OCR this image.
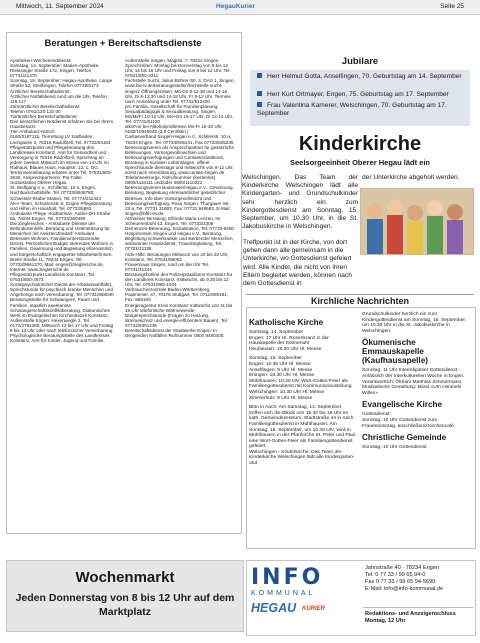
Mittwoch, 11. September 2024	HegauKurier	Seite 25
Beratungen + Bereitschaftsdienste
Apotheken-Wochenenddienst:
Samstag, 14. September: Marien-Apotheke, Rielasinger Straße 172, Singen, Telefon 07731/21370
Sonntag, 15. September: Hegau-Apotheke, Lange Straße 52, Steißlingen, Telefon 07738/5173
Ärztlicher Bereitschaftsdienst:
Ärztlicher Notfalldienst rund um die Uhr, Telefon 116 117
Zahnärztlicher Bereitschaftsdienst:
Telefon 0761/120 120 00
Tierärztlicher Bereitschaftsdienst:
Den tierärztlichen Notdienst erfahren Sie bei Ihrem Haustierarzt.
Tier-Ambulanz-Notruf:
0160/3187115, Tierrettung LV Südbaden, Lochgasse 3, 78315 Radolfzell, Tel. 07732/94164
Pflegestützpunkt und Pflegeberatung des Landkreises Konstanz, Amt für Gesundheit und Versorgung in 78315 Radolfzell, Sprechtag an jedem zweiten Mittwoch im Monat von 14 Uhr im Rathaus, Blaues Haus, Hauptstr. 13, 1. OG. Terminvereinbarung erbeten unter Tel. 07531/800-2626, Ansprechpartnerin: Pia Faller
Sozialstation Oberer Hegau
St. Wolfgang e.V., Schillerstr. 10 a, Engen, Nachbarschaftshilfe, Tel. 07733/9948780; Schwester-Ilsabe-Station, Tel. 07774/211424
AKA-Team, Schulzenstr. 6, Engen Pflegeberatung und Hilfen im Haushalt, Tel. 07733/6893
Ambulante Pflege «Katharina», Außer-Ort-Straße 8a, 78234 Engen, Tel. 07733/360490
Die Zieglerschen - Ambulante Dienste der Behindertenhilfe, Beratung und Unterstützung für Menschen mit Assistenzbedarf: Ambulant Betreutes Wohnen, Familienunterstützender Dienst, Persönliches Budget, Betreutes Wohnen in Familien, Gewinnung und Begleitung ehrenamtlich und bürgerschaftlich engagierter Mitarbeiter/innen. Breite Straße 11, 78234 Engen, Tel. 07733/9961370, Mail: engen@zieglersche.de, Internet: www.zieglersche.de
Pflegestützpunkt Landkreis Konstanz, Tel. 07531/800-2673
Sozialpsychiatrischer Dienst der Arbeiterwohlfahrt, Sprechstunde für psychisch kranke Menschen und Angehörige nach Vereinbarung, Tel. 07731/958040
Beratungsstelle für Schwangere, Paare und Familien, staatlich anerkannte Schwangerschaftskonfliktberatung, Diakonisches Werk im Evangelischen Kirchenbezirk Konstanz, Außenstelle Engen: Hexenwegle 2, Tel. 0172/2781385, Mittwoch 13 bis 17 Uhr und Freitag 8 bis 13 Uhr oder nach telefonischer Vereinbarung
Psychologische Beratungsstelle des Landkreises Konstanz, Amt für Kinder, Jugend und Familie,
Außenstelle Singen, Magistr. 7, 78224 Singen, Sprechzeiten: Montag bis Donnerstag von 8 bis 12 Uhr, 14 bis 16 Uhr und Freitag von 8 bis 12 Uhr, Tel. 07531/800-3311
Fachstelle Sucht, Julius-Bührer-Str. 4, DAS 1, Singen, www.bw-lv.de/beratungsstellen/fachstelle-sucht-singen/ Öffnungszeiten: Mo-Do 8-12.30 und 14-16 Uhr, Di 8-12.30 und 14-18 Uhr, Fr 8-12 Uhr. Termine nach Anmeldung unter Tel. 07731/912400
pro Familia, Gesellschaft für Familienplanung, Sexualpädagogik & Sexualberatung, Singen, Mo/Mi/Fr 10-12 Uhr, Mo+Do 16-17 Uhr, Di 12-13 Uhr, Tel. 07731/61120
alkoFon bei Alkoholproblemen Mo-Fr 18-20 Uhr, 0180/10645645 (3,9 Cent/Min.)
Caritasverband Singen-Hegau e.V., Schillerstr. 10 a, 78234 Engen, Tel. 07733/505241, Fax 07733/505235, Betreuungsverein als Ansprechpartner für gesetzliche Betreuungen, Vorsorgevollmachten und Betreuungsverfügungen und Caritassozialdienst, Beratung in sozialen Lebenslagen, offene Sprechstunde dienstags und mittwochs von 9-12 Uhr, sonst nach Vereinbarung, www.caritas-singen.de
Telefonseelsorge, Notrufnummer (kostenlos) 0800/1110111 und/oder 0800/1110222
Betreuungsverein Bodensee/Hegau e.V., Gewinnung, Beratung, Begleitung ehrenamtlicher gesetzlicher Betreuer, Info über Vorsorgevollmacht und Betreuungsverfügung, Rosa Singen, Thurgauer Str. 23 a, Tel. 07731 31893, Fax: 07731 948583, E-Mail: singen@bbh-ev.de
Alzheimer-Beratung: Elfriede Maria Lenzen, Im Scheuerenbohl 43, Engen, Tel. 07733/2309
Demenzen-Betreuung, Sozialstation, Tel. 07733-8300
Hospizverein Singen und Hegau e.V., Beratung, Begleitung schwerkranker und sterbender Menschen, ambulanter Hospizdienst, Trauerbegleitung, Tel. 07731/31138
Aids-Hilfe: Beratungen Mittwoch von 20 bis 22 Uhr, Konstanz, Tel. 07531/56062
Frauenhaus Singen, rund um die Uhr Tel. 07731/31244
Beratungshotline des Polizeipräsidiums Konstanz für den Landkreis Konstanz, mittwochs, ab 9.30 bis 12 Uhr, Tel. 07531/995-1044
Verbraucherzentrale Baden-Württemberg, Paulinenstr. 47, 70178 Stuttgart, Tel. 0711/669181, Fax: 669150
Energieagentur Kreis Konstanz mittwochs von 11 bis 15 Uhr telefonische Wärmewende-Bürgersprechstunde (Fragen zu Heizung, Wärmeschutz und energie-effizientem Bauen), Tel. 07732/9391236
Bereitschaftsdienst der Stadtwerke Engen: In dringenden Notfällen Rufnummer 0800 9480400.
Jubilare
Herr Helmut Gotta, Anselfingen, 70. Geburtstag am 14. September
Herr Kurt Ortmayer, Engen, 75. Geburtstag am 17. September
Frau Valentina Kamerer, Welschingen, 70. Geburtstag am 17. September
Kinderkirche
Seelsorgeeinheit Oberer Hegau lädt ein
Welschingen. Das Team der Kinderkirche Welschingen lädt alle Kindergarten- und Grundschulkinder sehr herzlich ein zum Kindergottesdienst am Sonntag, 15. September, um 10.30 Uhr, in die St. Jakobuskirche in Welschingen.
der Unterkirche abgeholt werden.
Treffpunkt ist in der Kirche, von dort gehen dann alle gemeinsam in die Unterkirche, wo Gottesdienst gefeiert wird. Alle Kinder, die nicht von ihren Eltern begleitet werden, können nach dem Gottesdienst in
Kirchliche Nachrichten
Katholische Kirche
Samstag, 14. September
Engen: 17 Uhr Hl. Rosenkranz in der Hauskapelle der Sonnenuhr
Neuhausen: 18.30 Uhr Hl. Messe
Sonntag, 15. September
Engen: 10.30 Uhr Hl. Messe
Anselfingen: 9 Uhr Hl. Messe
Ehingen: 18.30 Uhr Hl. Messe
Mühlhausen: 10.30 Uhr Wort-Gottes-Feier als Familiengottesdienst mit Kommunionausteilung
Welschingen: 10.30 Uhr Hl. Messe
Zimmerholz: 9 Uhr Hl. Messe
Bittn in Aach: Am Samstag, 14. September, treffen sich die Bikids von 15.30 bis 18 Uhr im kath. Gemeindezentrum, Stadtstraße 44 in Aach.
Familiengottesdienst in Mühlhausen: Am Sonntag, 15. September, um 10.30 Uhr, wird in Mühlhausen in der Pfarrkirche St. Peter und Paul eine Wort-Gottes-Feier als Familiengottesdienst gefeiert.
Welschingen - Kinderkirche: Das Team der Kinderkirche Welschingen lädt alle Kindergarten- und
Grundschulkinder herzlich ein zum Kindergottesdienst am Sonntag, 15. September, um 10.30 Uhr in die St. Jakobuskirche in Welschingen.
Ökumenische Emmauskapelle (Kaufhausapelle)
Sonntag: 11 Uhr Interreligiöser Gottesdienst - Anlässlich der Interkulturellen Woche in Engen. Verantwortlich: Ökham Matthias Zimmermann. Musikalische Gestaltung: Band «Um Himmels Willen»
Evangelische Kirche
Gottesdienst:
Sonntag: 10 Uhr Gottesdienst zum Frauensonntag, anschließend Kirchencafé.
Christliche Gemeinde
Sonntag: 10 Uhr Gottesdienst
Wochenmarkt
Jeden Donnerstag von 8 bis 12 Uhr auf dem Marktplatz
INFO
KOMMUNAL
HEGAU KURIER
Jahnstraße 40 · 78234 Engen
Tel. 0 77 33 / 99 65 94-0
Fax 0 77 33 / 99 65 94-5690
E-Mail: info@info-kommunal.de
Redaktions- und Anzeigenschluss Montag, 12 Uhr
